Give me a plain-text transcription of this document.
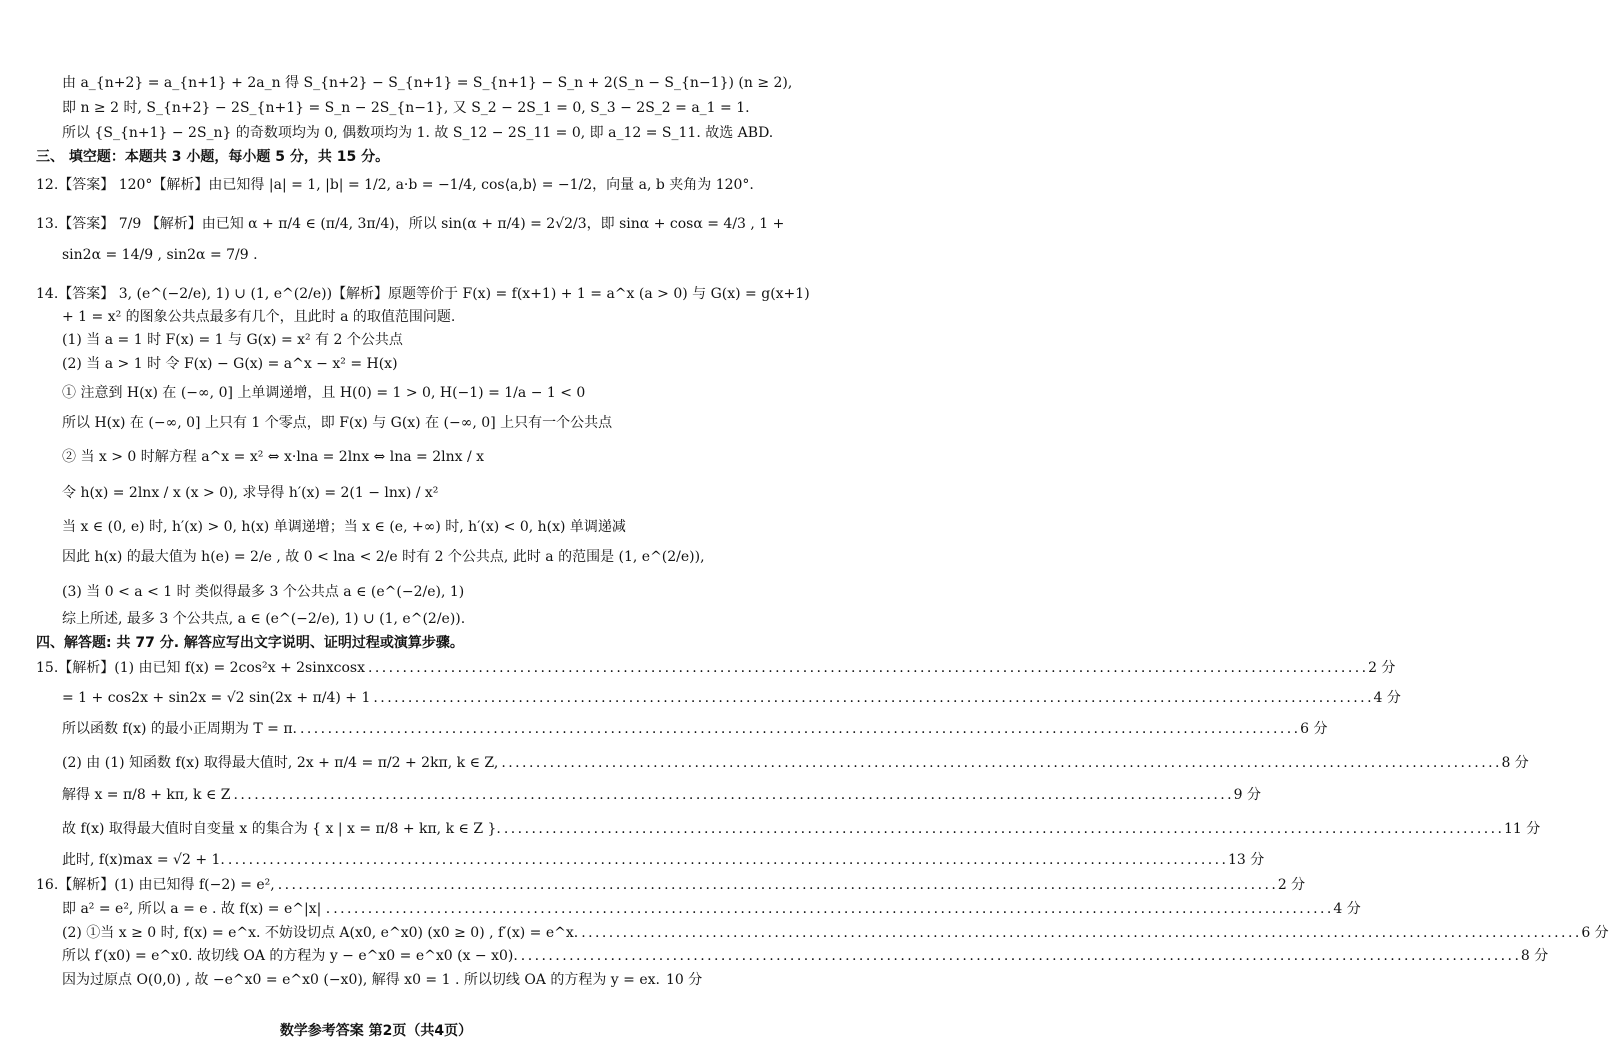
由 a_{n+2} = a_{n+1} + 2a_n 得 S_{n+2} − S_{n+1} = S_{n+1} − S_n + 2(S_n − S_{n−1}) (n ≥ 2),
即 n ≥ 2 时, S_{n+2} − 2S_{n+1} = S_n − 2S_{n−1}, 又 S_2 − 2S_1 = 0, S_3 − 2S_2 = a_1 = 1.
所以 {S_{n+1} − 2S_n} 的奇数项均为 0, 偶数项均为 1. 故 S_12 − 2S_11 = 0, 即 a_12 = S_11. 故选 ABD.
三、 填空题：本题共 3 小题，每小题 5 分，共 15 分。
12.【答案】 120°【解析】由已知得 |a| = 1, |b| = 1/2, a·b = −1/4, cos⟨a,b⟩ = −1/2，向量 a, b 夹角为 120°.
13.【答案】 7/9 【解析】由已知 α + π/4 ∈ (π/4, 3π/4)，所以 sin(α + π/4) = 2√2/3，即 sinα + cosα = 4/3 , 1 +
sin2α = 14/9 , sin2α = 7/9 .
14.【答案】 3, (e^(−2/e), 1) ∪ (1, e^(2/e))【解析】原题等价于 F(x) = f(x+1) + 1 = a^x (a > 0) 与 G(x) = g(x+1)
+ 1 = x² 的图象公共点最多有几个，且此时 a 的取值范围问题.
(1) 当 a = 1 时 F(x) = 1 与 G(x) = x² 有 2 个公共点
(2) 当 a > 1 时 令 F(x) − G(x) = a^x − x² = H(x)
① 注意到 H(x) 在 (−∞, 0] 上单调递增，且 H(0) = 1 > 0, H(−1) = 1/a − 1 < 0
所以 H(x) 在 (−∞, 0] 上只有 1 个零点，即 F(x) 与 G(x) 在 (−∞, 0] 上只有一个公共点
② 当 x > 0 时解方程 a^x = x² ⇔ x·lna = 2lnx ⇔ lna = 2lnx / x
令 h(x) = 2lnx / x (x > 0), 求导得 h′(x) = 2(1 − lnx) / x²
当 x ∈ (0, e) 时, h′(x) > 0, h(x) 单调递增；当 x ∈ (e, +∞) 时, h′(x) < 0, h(x) 单调递减
因此 h(x) 的最大值为 h(e) = 2/e , 故 0 < lna < 2/e 时有 2 个公共点, 此时 a 的范围是 (1, e^(2/e)),
(3) 当 0 < a < 1 时 类似得最多 3 个公共点 a ∈ (e^(−2/e), 1)
综上所述, 最多 3 个公共点, a ∈ (e^(−2/e), 1) ∪ (1, e^(2/e)).
四、解答题: 共 77 分. 解答应写出文字说明、证明过程或演算步骤。
15.【解析】(1) 由已知 f(x) = 2cos²x + 2sinxcosx . . .	2 分
= 1 + cos2x + sin2x = √2 sin(2x + π/4) + 1 . . .	4 分
所以函数 f(x) 的最小正周期为 T = π. . . .	6 分
(2) 由 (1) 知函数 f(x) 取得最大值时, 2x + π/4 = π/2 + 2kπ, k ∈ Z, . . .	8 分
解得 x = π/8 + kπ, k ∈ Z . . .	9 分
故 f(x) 取得最大值时自变量 x 的集合为 { x | x = π/8 + kπ, k ∈ Z }. . . .	11 分
此时, f(x)max = √2 + 1. . . .	13 分
16.【解析】(1) 由已知得 f(−2) = e², . . .	2 分
即 a² = e², 所以 a = e . 故 f(x) = e^|x| . . . .	4 分
(2) ①当 x ≥ 0 时, f(x) = e^x. 不妨设切点 A(x0, e^x0) (x0 ≥ 0) , f′(x) = e^x. . . .	6 分
所以 f′(x0) = e^x0. 故切线 OA 的方程为 y − e^x0 = e^x0 (x − x0). . . .	8 分
因为过原点 O(0,0) , 故 −e^x0 = e^x0 (−x0), 解得 x0 = 1 . 所以切线 OA 的方程为 y = ex. 10 分
数学参考答案 第2页（共4页）
